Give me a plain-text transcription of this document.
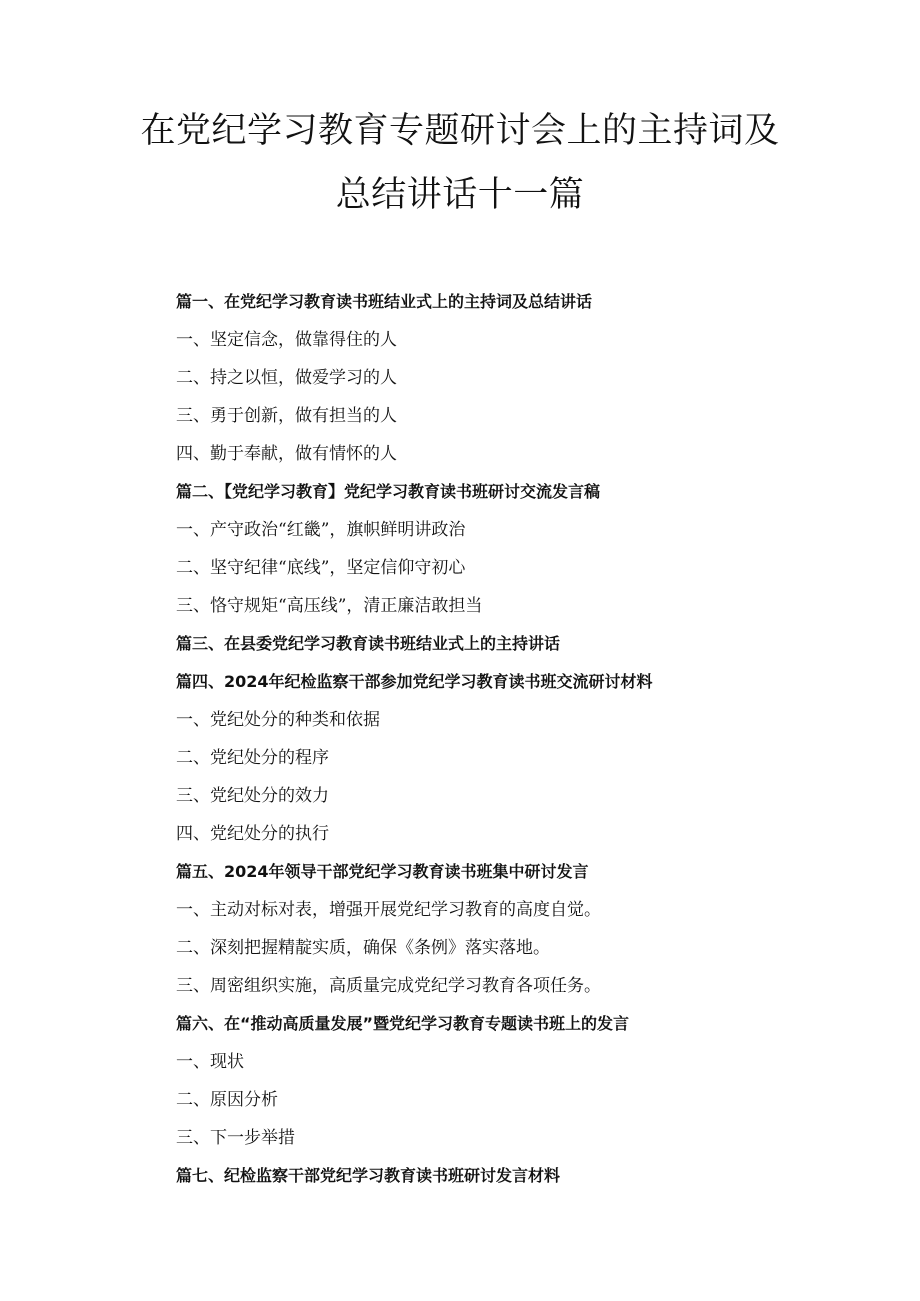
在党纪学习教育专题研讨会上的主持词及
总结讲话十一篇
篇一、在党纪学习教育读书班结业式上的主持词及总结讲话
一、坚定信念，做靠得住的人
二、持之以恒，做爱学习的人
三、勇于创新，做有担当的人
四、勤于奉献，做有情怀的人
篇二、【党纪学习教育】党纪学习教育读书班研讨交流发言稿
一、产守政治“红畿”，旗帜鲜明讲政治
二、坚守纪律“底线”，坚定信仰守初心
三、恪守规矩“高压线”，清正廉洁敢担当
篇三、在县委党纪学习教育读书班结业式上的主持讲话
篇四、2024年纪检监察干部参加党纪学习教育读书班交流研讨材料
一、党纪处分的种类和依据
二、党纪处分的程序
三、党纪处分的效力
四、党纪处分的执行
篇五、2024年领导干部党纪学习教育读书班集中研讨发言
一、主动对标对表，增强开展党纪学习教育的高度自觉。
二、深刻把握精靛实质，确保《条例》落实落地。
三、周密组织实施，高质量完成党纪学习教育各项任务。
篇六、在“推动高质量发展”暨党纪学习教育专题读书班上的发言
一、现状
二、原因分析
三、下一步举措
篇七、纪检监察干部党纪学习教育读书班研讨发言材料
